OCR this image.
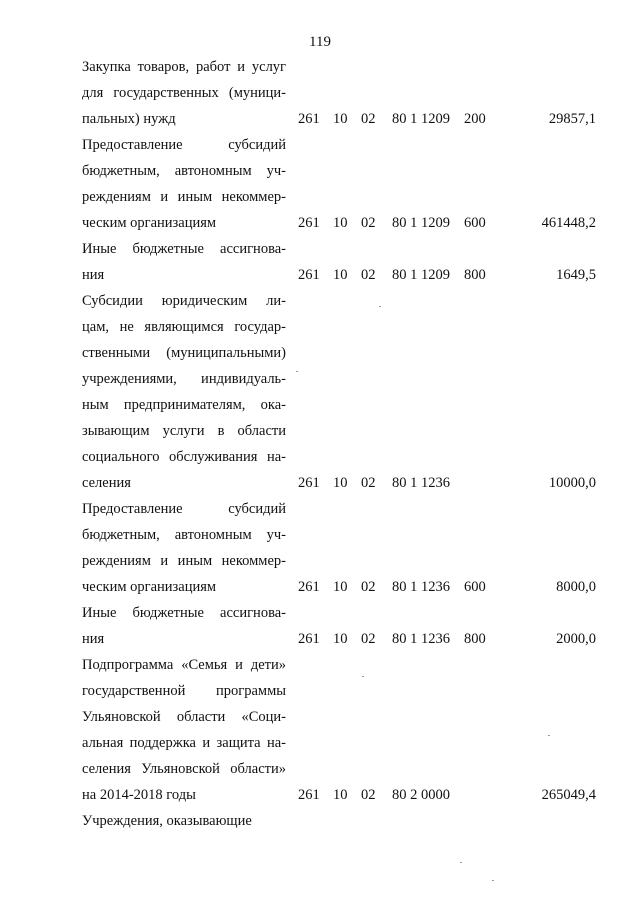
119
Закупка товаров, работ и услуг
для государственных (муници-
пальных) нужд	261 10 02 80 1 1209 200	29857,1
Предоставление субсидий
бюджетным, автономным уч-
реждениям и иным некоммер-
ческим организациям	261 10 02 80 1 1209 600	461448,2
Иные бюджетные ассигнова-
ния	261 10 02 80 1 1209 800	1649,5
Субсидии юридическим ли-
цам, не являющимся государ-
ственными (муниципальными)
учреждениями, индивидуаль-
ным предпринимателям, ока-
зывающим услуги в области
социального обслуживания на-
селения	261 10 02 80 1 1236	10000,0
Предоставление субсидий
бюджетным, автономным уч-
реждениям и иным некоммер-
ческим организациям	261 10 02 80 1 1236 600	8000,0
Иные бюджетные ассигнова-
ния	261 10 02 80 1 1236 800	2000,0
Подпрограмма «Семья и дети»
государственной программы
Ульяновской области «Соци-
альная поддержка и защита на-
селения Ульяновской области»
на 2014-2018 годы	261 10 02 80 2 0000	265049,4
Учреждения, оказывающие
